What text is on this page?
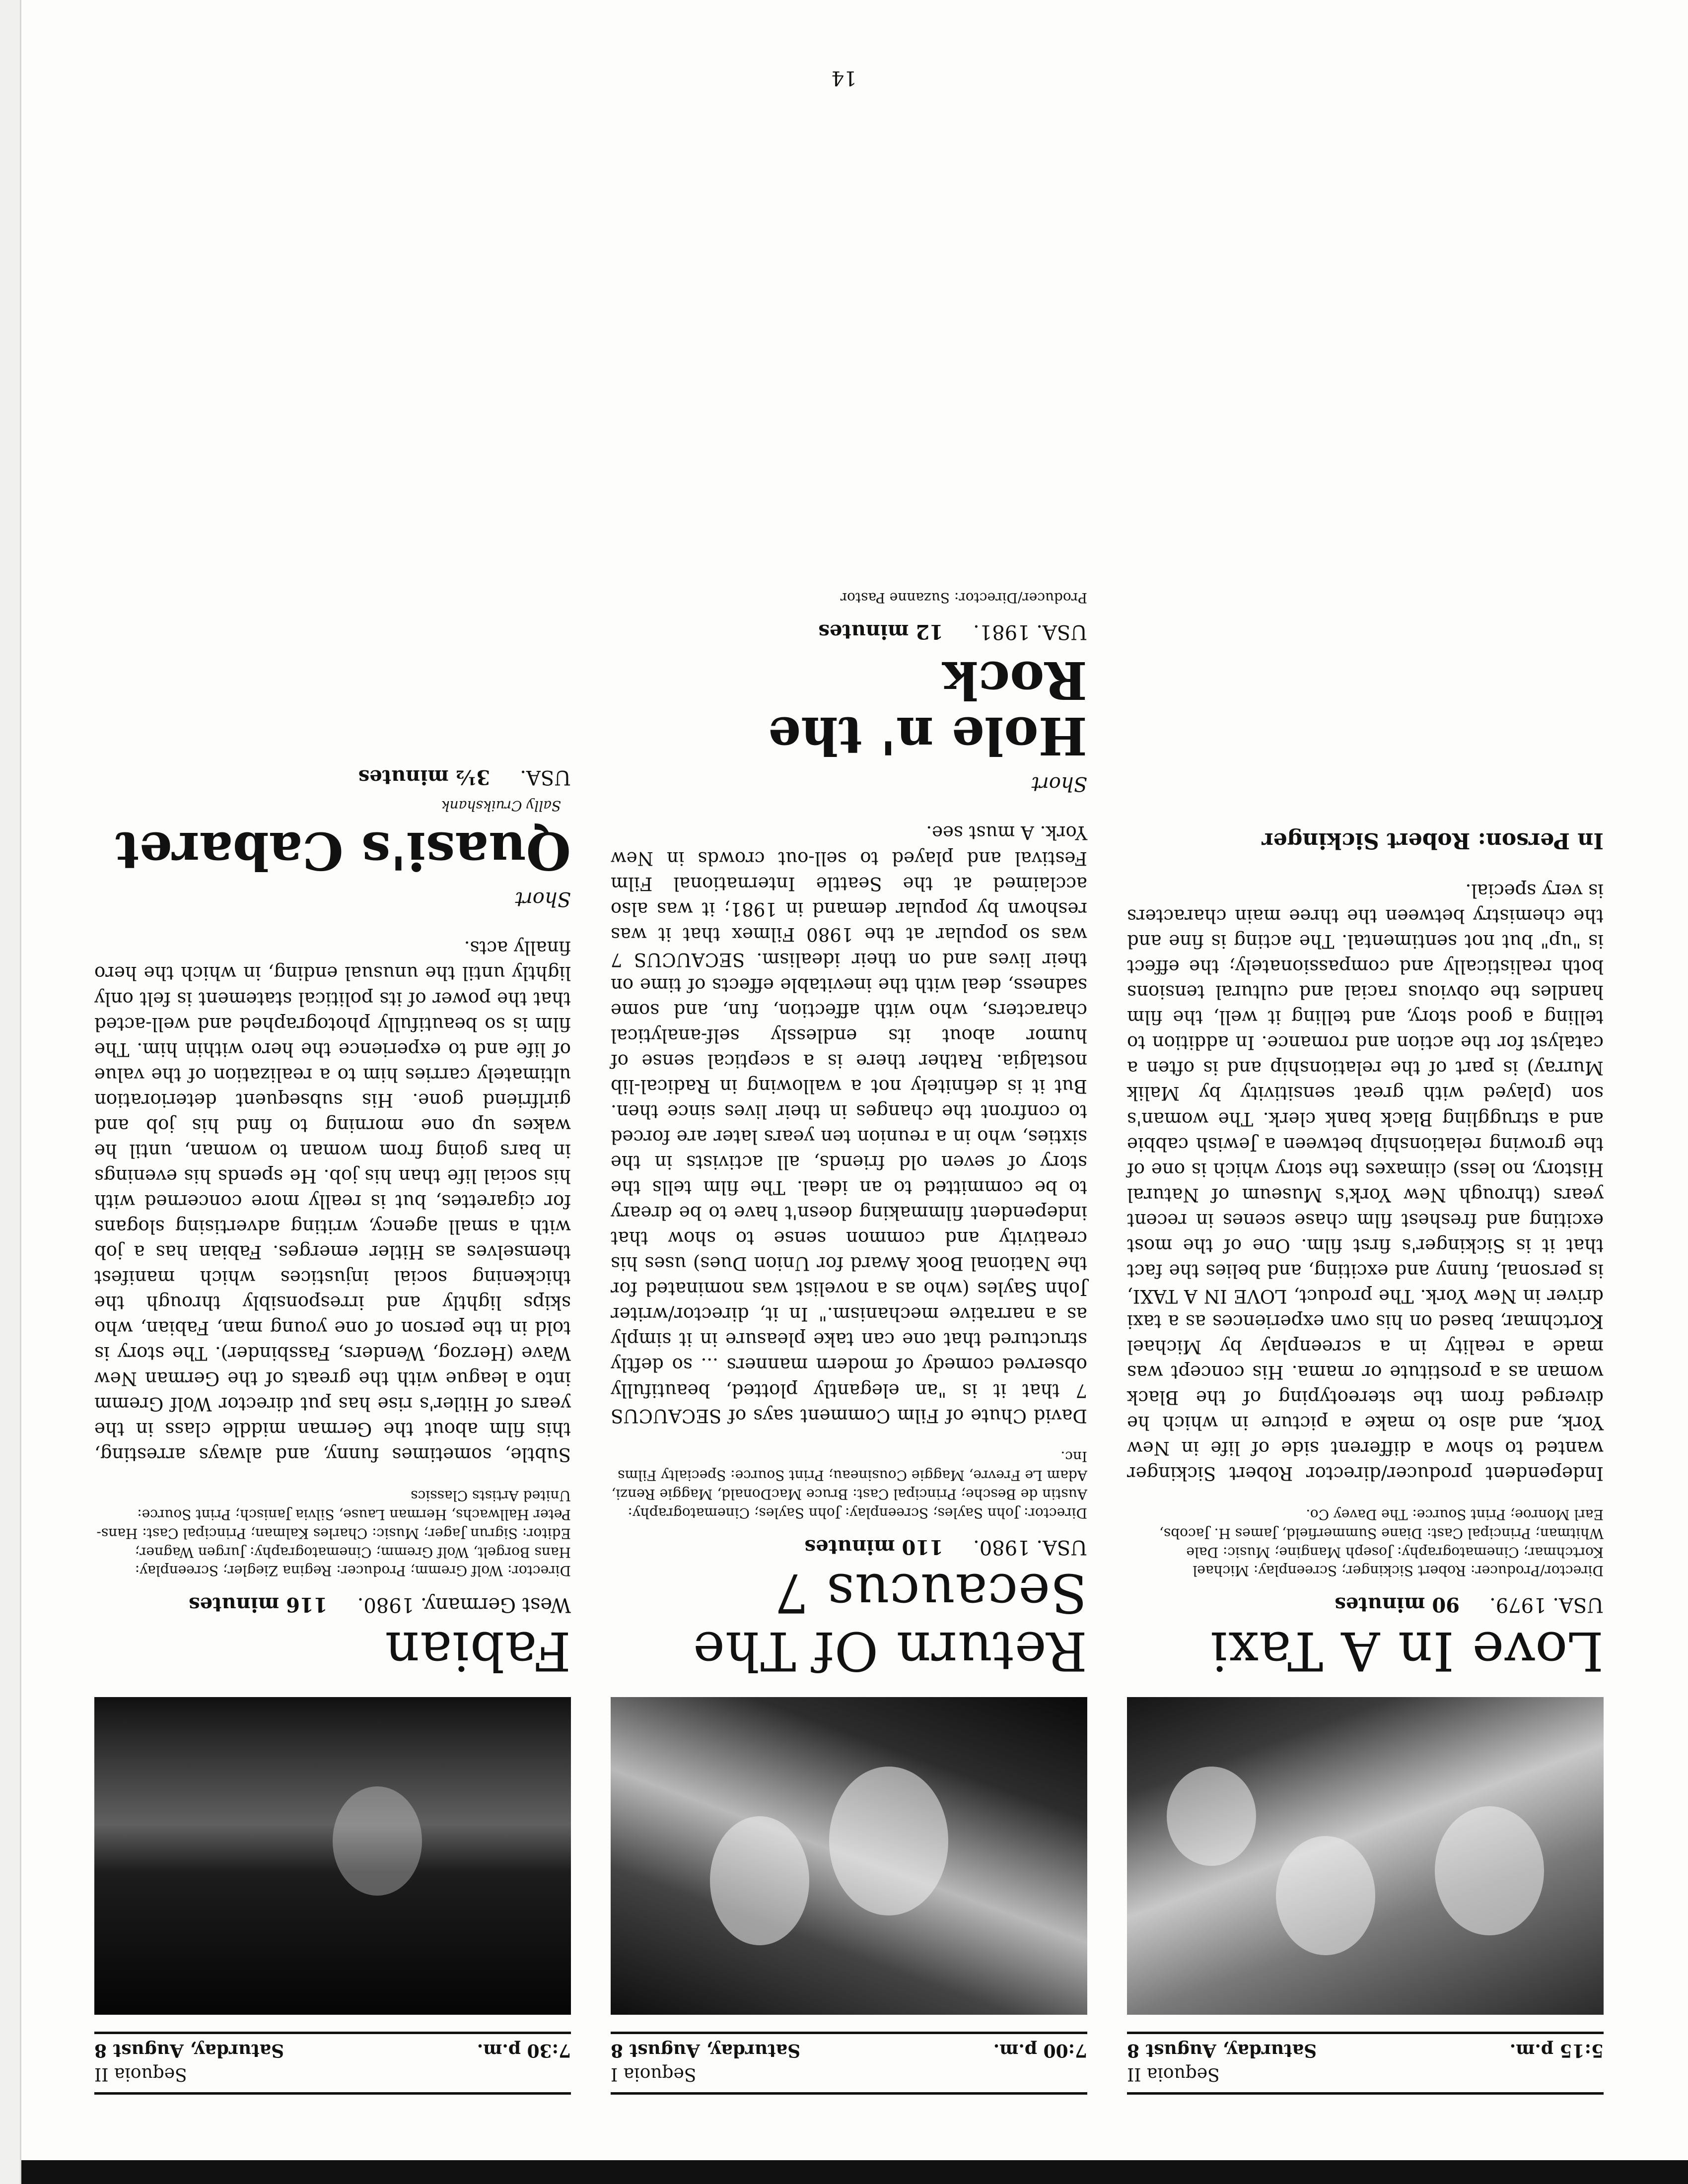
Sequoia II
5:15 p.m.
Saturday, August 8
Love In A Taxi
USA. 1979.
90 minutes
Director/Producer: Robert Sickinger; Screenplay: Michael Kortchmar; Cinematography: Joseph Mangine; Music: Dale Whitman; Principal Cast: Diane Summerfield, James H. Jacobs, Earl Monroe; Print Source: The Davey Co.
Independent producer/director Robert Sickinger wanted to show a different side of life in New York, and also to make a picture in which he diverged from the stereotyping of the Black woman as a prostitute or mama. His concept was made a reality in a screenplay by Michael Kortchmar, based on his own experiences as a taxi driver in New York. The product, LOVE IN A TAXI, is personal, funny and exciting, and belies the fact that it is Sickinger's first film. One of the most exciting and freshest film chase scenes in recent years (through New York's Museum of Natural History, no less) climaxes the story which is one of the growing relationship between a Jewish cabbie and a struggling Black bank clerk. The woman's son (played with great sensitivity by Malik Murray) is part of the relationship and is often a catalyst for the action and romance. In addition to telling a good story, and telling it well, the film handles the obvious racial and cultural tensions both realistically and compassionately; the effect is "up" but not sentimental. The acting is fine and the chemistry between the three main characters is very special.
In Person: Robert Sickinger
Sequoia I
7:00 p.m.
Saturday, August 8
Return Of The Secaucus 7
USA. 1980.
110 minutes
Director: John Sayles; Screenplay: John Sayles; Cinematography: Austin de Besche; Principal Cast: Bruce MacDonald, Maggie Renzi, Adam Le Frevre, Maggie Cousineau; Print Source: Specialty Films Inc.
David Chute of Film Comment says of SECAUCUS 7 that it is "an elegantly plotted, beautifully observed comedy of modern manners ... so deftly structured that one can take pleasure in it simply as a narrative mechanism." In it, director/writer John Sayles (who as a novelist was nominated for the National Book Award for Union Dues) uses his creativity and common sense to show that independent filmmaking doesn't have to be dreary to be committed to an ideal. The film tells the story of seven old friends, all activists in the sixties, who in a reunion ten years later are forced to confront the changes in their lives since then. But it is definitely not a wallowing in Radical-lib nostalgia. Rather there is a sceptical sense of humor about its endlessly self-analytical characters, who with affection, fun, and some sadness, deal with the inevitable effects of time on their lives and on their idealism. SECAUCUS 7 was so popular at the 1980 Filmex that it was reshown by popular demand in 1981; it was also acclaimed at the Seattle International Film Festival and played to sell-out crowds in New York. A must see.
Short
Hole n' the Rock
USA. 1981.
12 minutes
Producer/Director: Suzanne Pastor
Sequoia II
7:30 p.m.
Saturday, August 8
Fabian
West Germany. 1980.
116 minutes
Director: Wolf Gremm; Producer: Regina Ziegler; Screenplay: Hans Borgelt, Wolf Gremm; Cinematography: Jurgen Wagner; Editor: Sigrun Jager; Music: Charles Kalman; Principal Cast: Hans-Peter Hallwachs, Herman Lause, Silvia Janisch; Print Source: United Artists Classics
Subtle, sometimes funny, and always arresting, this film about the German middle class in the years of Hitler's rise has put director Wolf Gremm into a league with the greats of the German New Wave (Herzog, Wenders, Fassbinder). The story is told in the person of one young man, Fabian, who skips lightly and irresponsibly through the thickening social injustices which manifest themselves as Hitler emerges. Fabian has a job with a small agency, writing advertising slogans for cigarettes, but is really more concerned with his social life than his job. He spends his evenings in bars going from woman to woman, until he wakes up one morning to find his job and girlfriend gone. His subsequent deterioration ultimately carries him to a realization of the value of life and to experience the hero within him. The film is so beautifully photographed and well-acted that the power of its political statement is felt only lightly until the unusual ending, in which the hero finally acts.
Short
Quasi's Cabaret
Sally Cruikshank
USA.
3½ minutes
14
